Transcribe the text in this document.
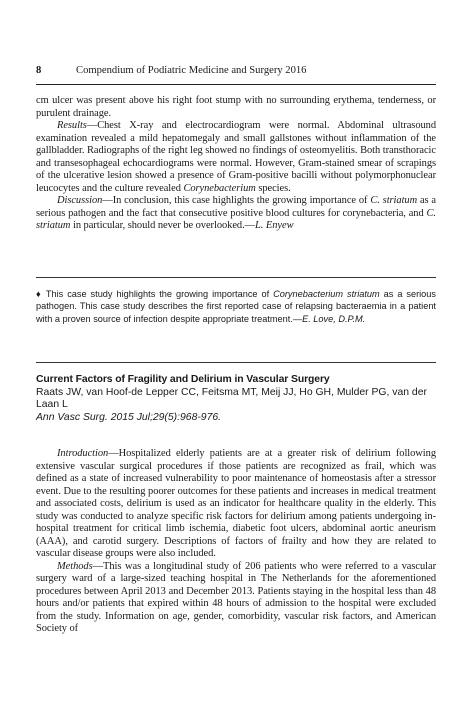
8	Compendium of Podiatric Medicine and Surgery 2016

cm ulcer was present above his right foot stump with no surrounding erythema, tenderness, or purulent drainage.

Results—Chest X-ray and electrocardiogram were normal. Abdominal ultrasound examination revealed a mild hepatomegaly and small gallstones without inflammation of the gallbladder. Radiographs of the right leg showed no findings of osteomyelitis. Both transthoracic and transesophageal echocardiograms were normal. However, Gram-stained smear of scrapings of the ulcerative lesion showed a presence of Gram-positive bacilli without polymorphonuclear leucocytes and the culture revealed Corynebacterium species.

Discussion—In conclusion, this case highlights the growing importance of C. striatum as a serious pathogen and the fact that consecutive positive blood cultures for corynebacteria, and C. striatum in particular, should never be overlooked.—L. Enyew

♦ This case study highlights the growing importance of Corynebacterium striatum as a serious pathogen. This case study describes the first reported case of relapsing bacteraemia in a patient with a proven source of infection despite appropriate treatment.—E. Love, D.P.M.
Current Factors of Fragility and Delirium in Vascular Surgery
Raats JW, van Hoof-de Lepper CC, Feitsma MT, Meij JJ, Ho GH, Mulder PG, van der Laan L
Ann Vasc Surg. 2015 Jul;29(5):968-976.

Introduction—Hospitalized elderly patients are at a greater risk of delirium following extensive vascular surgical procedures if those patients are recognized as frail, which was defined as a state of increased vulnerability to poor maintenance of homeostasis after a stressor event. Due to the resulting poorer outcomes for these patients and increases in medical treatment and associated costs, delirium is used as an indicator for healthcare quality in the elderly. This study was conducted to analyze specific risk factors for delirium among patients undergoing in-hospital treatment for critical limb ischemia, diabetic foot ulcers, abdominal aortic aneurism (AAA), and carotid surgery. Descriptions of factors of frailty and how they are related to vascular disease groups were also included.

Methods—This was a longitudinal study of 206 patients who were referred to a vascular surgery ward of a large-sized teaching hospital in The Netherlands for the aforementioned procedures between April 2013 and December 2013. Patients staying in the hospital less than 48 hours and/or patients that expired within 48 hours of admission to the hospital were excluded from the study. Information on age, gender, comorbidity, vascular risk factors, and American Society of
